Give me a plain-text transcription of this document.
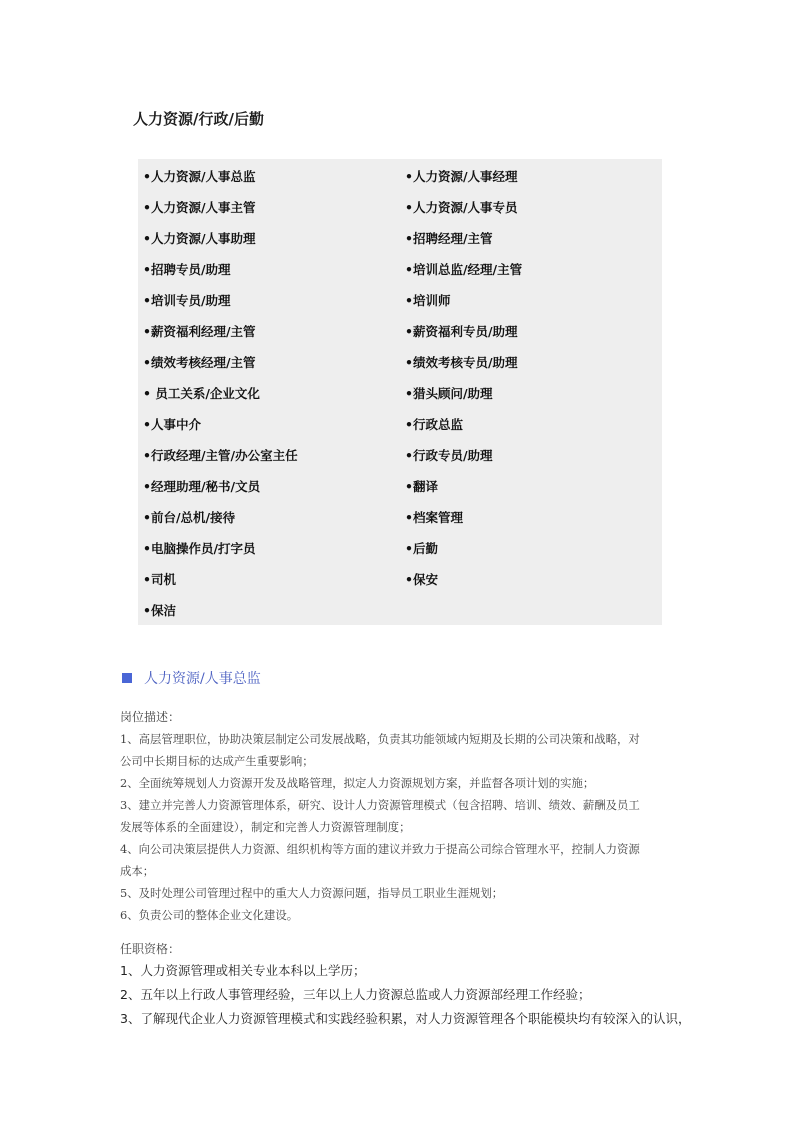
人力资源/行政/后勤
•人力资源/人事总监
•人力资源/人事主管
•人力资源/人事助理
•招聘专员/助理
•培训专员/助理
•薪资福利经理/主管
•绩效考核经理/主管
• 员工关系/企业文化
•人事中介
•行政经理/主管/办公室主任
•经理助理/秘书/文员
•前台/总机/接待
•电脑操作员/打字员
•司机
•保洁
•人力资源/人事经理
•人力资源/人事专员
•招聘经理/主管
•培训总监/经理/主管
•培训师
•薪资福利专员/助理
•绩效考核专员/助理
•猎头顾问/助理
•行政总监
•行政专员/助理
•翻译
•档案管理
•后勤
•保安
人力资源/人事总监
岗位描述：

1、高层管理职位，协助决策层制定公司发展战略，负责其功能领域内短期及长期的公司决策和战略，对

公司中长期目标的达成产生重要影响；

2、全面统筹规划人力资源开发及战略管理，拟定人力资源规划方案，并监督各项计划的实施；

3、建立并完善人力资源管理体系，研究、设计人力资源管理模式（包含招聘、培训、绩效、薪酬及员工

发展等体系的全面建设），制定和完善人力资源管理制度；

4、向公司决策层提供人力资源、组织机构等方面的建议并致力于提高公司综合管理水平，控制人力资源

成本；

5、及时处理公司管理过程中的重大人力资源问题，指导员工职业生涯规划；

6、负责公司的整体企业文化建设。

任职资格：

1、人力资源管理或相关专业本科以上学历；

2、五年以上行政人事管理经验，三年以上人力资源总监或人力资源部经理工作经验；

3、了解现代企业人力资源管理模式和实践经验积累，对人力资源管理各个职能模块均有较深入的认识，
